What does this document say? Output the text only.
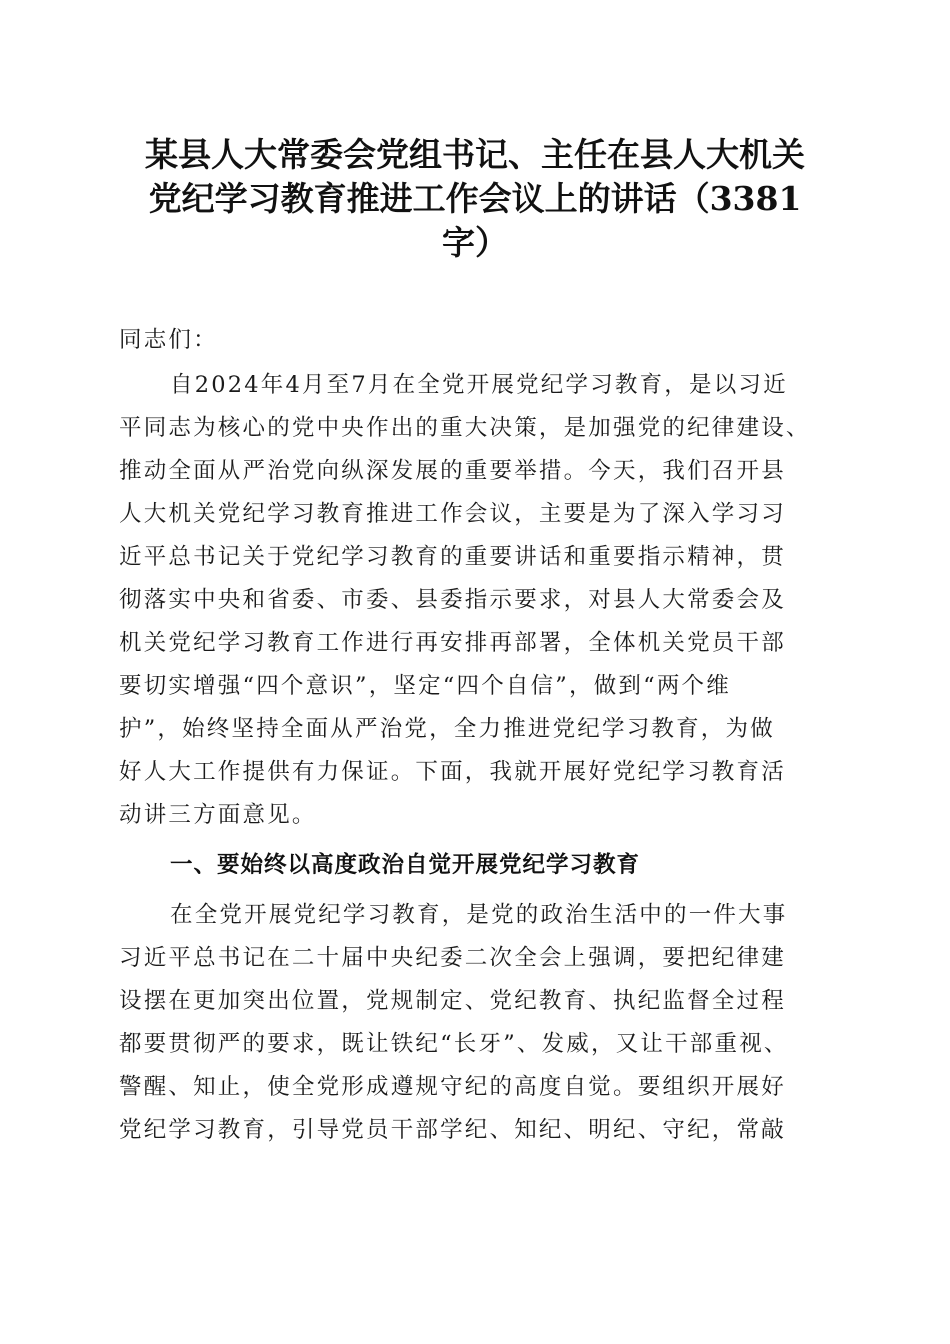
某县人大常委会党组书记、主任在县人大机关
党纪学习教育推进工作会议上的讲话（3381
字）

同志们：

自2024年4月至7月在全党开展党纪学习教育，是以习近

平同志为核心的党中央作出的重大决策，是加强党的纪律建设、

推动全面从严治党向纵深发展的重要举措。今天，我们召开县

人大机关党纪学习教育推进工作会议，主要是为了深入学习习

近平总书记关于党纪学习教育的重要讲话和重要指示精神，贯

彻落实中央和省委、市委、县委指示要求，对县人大常委会及

机关党纪学习教育工作进行再安排再部署，全体机关党员干部

要切实增强“四个意识”，坚定“四个自信”，做到“两个维

护”，始终坚持全面从严治党，全力推进党纪学习教育，为做

好人大工作提供有力保证。下面，我就开展好党纪学习教育活

动讲三方面意见。

一、要始终以高度政治自觉开展党纪学习教育

在全党开展党纪学习教育，是党的政治生活中的一件大事

习近平总书记在二十届中央纪委二次全会上强调，要把纪律建

设摆在更加突出位置，党规制定、党纪教育、执纪监督全过程

都要贯彻严的要求，既让铁纪“长牙”、发威，又让干部重视、

警醒、知止，使全党形成遵规守纪的高度自觉。要组织开展好

党纪学习教育，引导党员干部学纪、知纪、明纪、守纪，常敲
